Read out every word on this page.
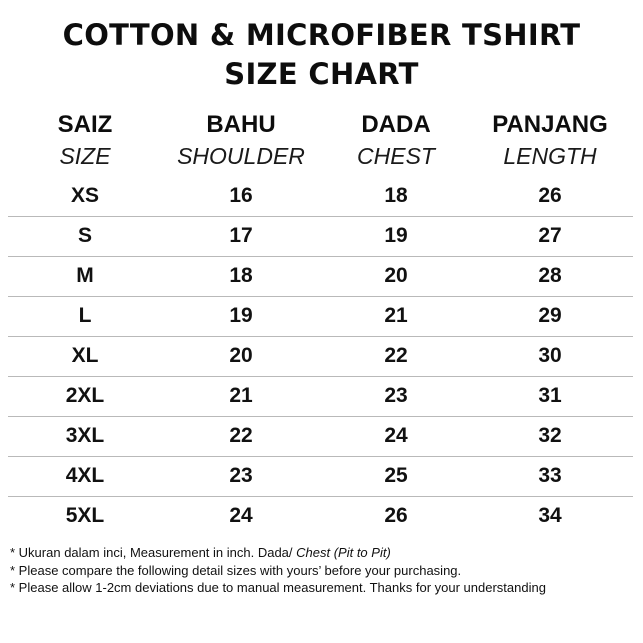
COTTON & MICROFIBER TSHIRT
SIZE CHART
SAIZ	BAHU	DADA	PANJANG
SIZE	SHOULDER	CHEST	LENGTH
XS	16	18	26
S	17	19	27
M	18	20	28
L	19	21	29
XL	20	22	30
2XL	21	23	31
3XL	22	24	32
4XL	23	25	33
5XL	24	26	34
* Ukuran dalam inci, Measurement in inch. Dada/ Chest (Pit to Pit)
* Please compare the following detail sizes with yours’ before your purchasing.
* Please allow 1-2cm deviations due to manual measurement. Thanks for your understanding
